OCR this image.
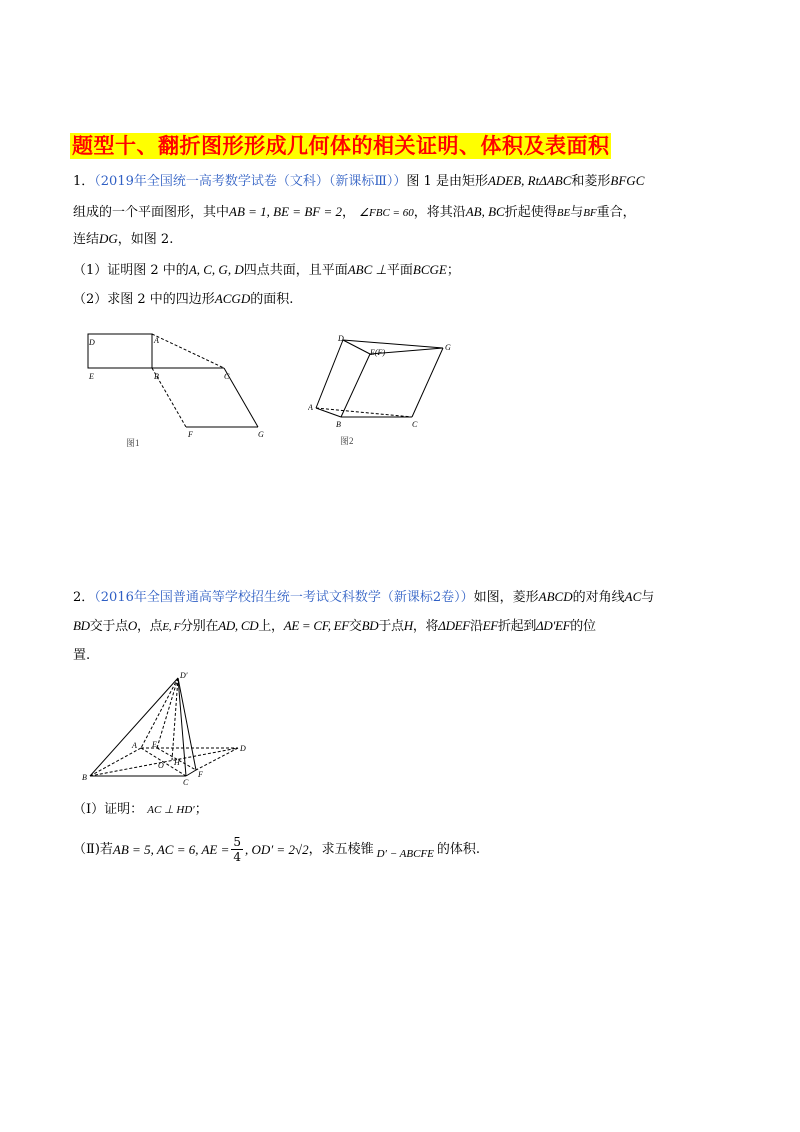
题型十、翻折图形形成几何体的相关证明、体积及表面积
1．（2019年全国统一高考数学试卷（文科）（新课标Ⅲ））图 1 是由矩形ADEB, RtΔABC和菱形BFGC
组成的一个平面图形，其中AB = 1, BE = BF = 2， ∠FBC = 60，将其沿AB, BC折起使得BE与BF重合，
连结DG，如图 2.
（1）证明图 2 中的A, C, G, D四点共面，且平面ABC ⊥平面BCGE；
（2）求图 2 中的四边形ACGD的面积.
D	A
E	B	C
F	G
图1
D
E(F)
G
A
B	C
图2
2．（2016年全国普通高等学校招生统一考试文科数学（新课标2卷））如图，菱形ABCD的对角线AC与
BD交于点O，点E, F分别在AD, CD上，AE = CF, EF交BD于点H，将ΔDEF沿EF折起到ΔD′EF的位
置.
D′
A E	D
O H
B
C
F
（Ⅰ）证明： AC ⊥ HD′；
（Ⅱ)若 AB = 5, AC = 6, AE = $\frac{5}{4}$ , OD′ = 2√2 ，求五棱锥 D′ − ABCFE 的体积.
